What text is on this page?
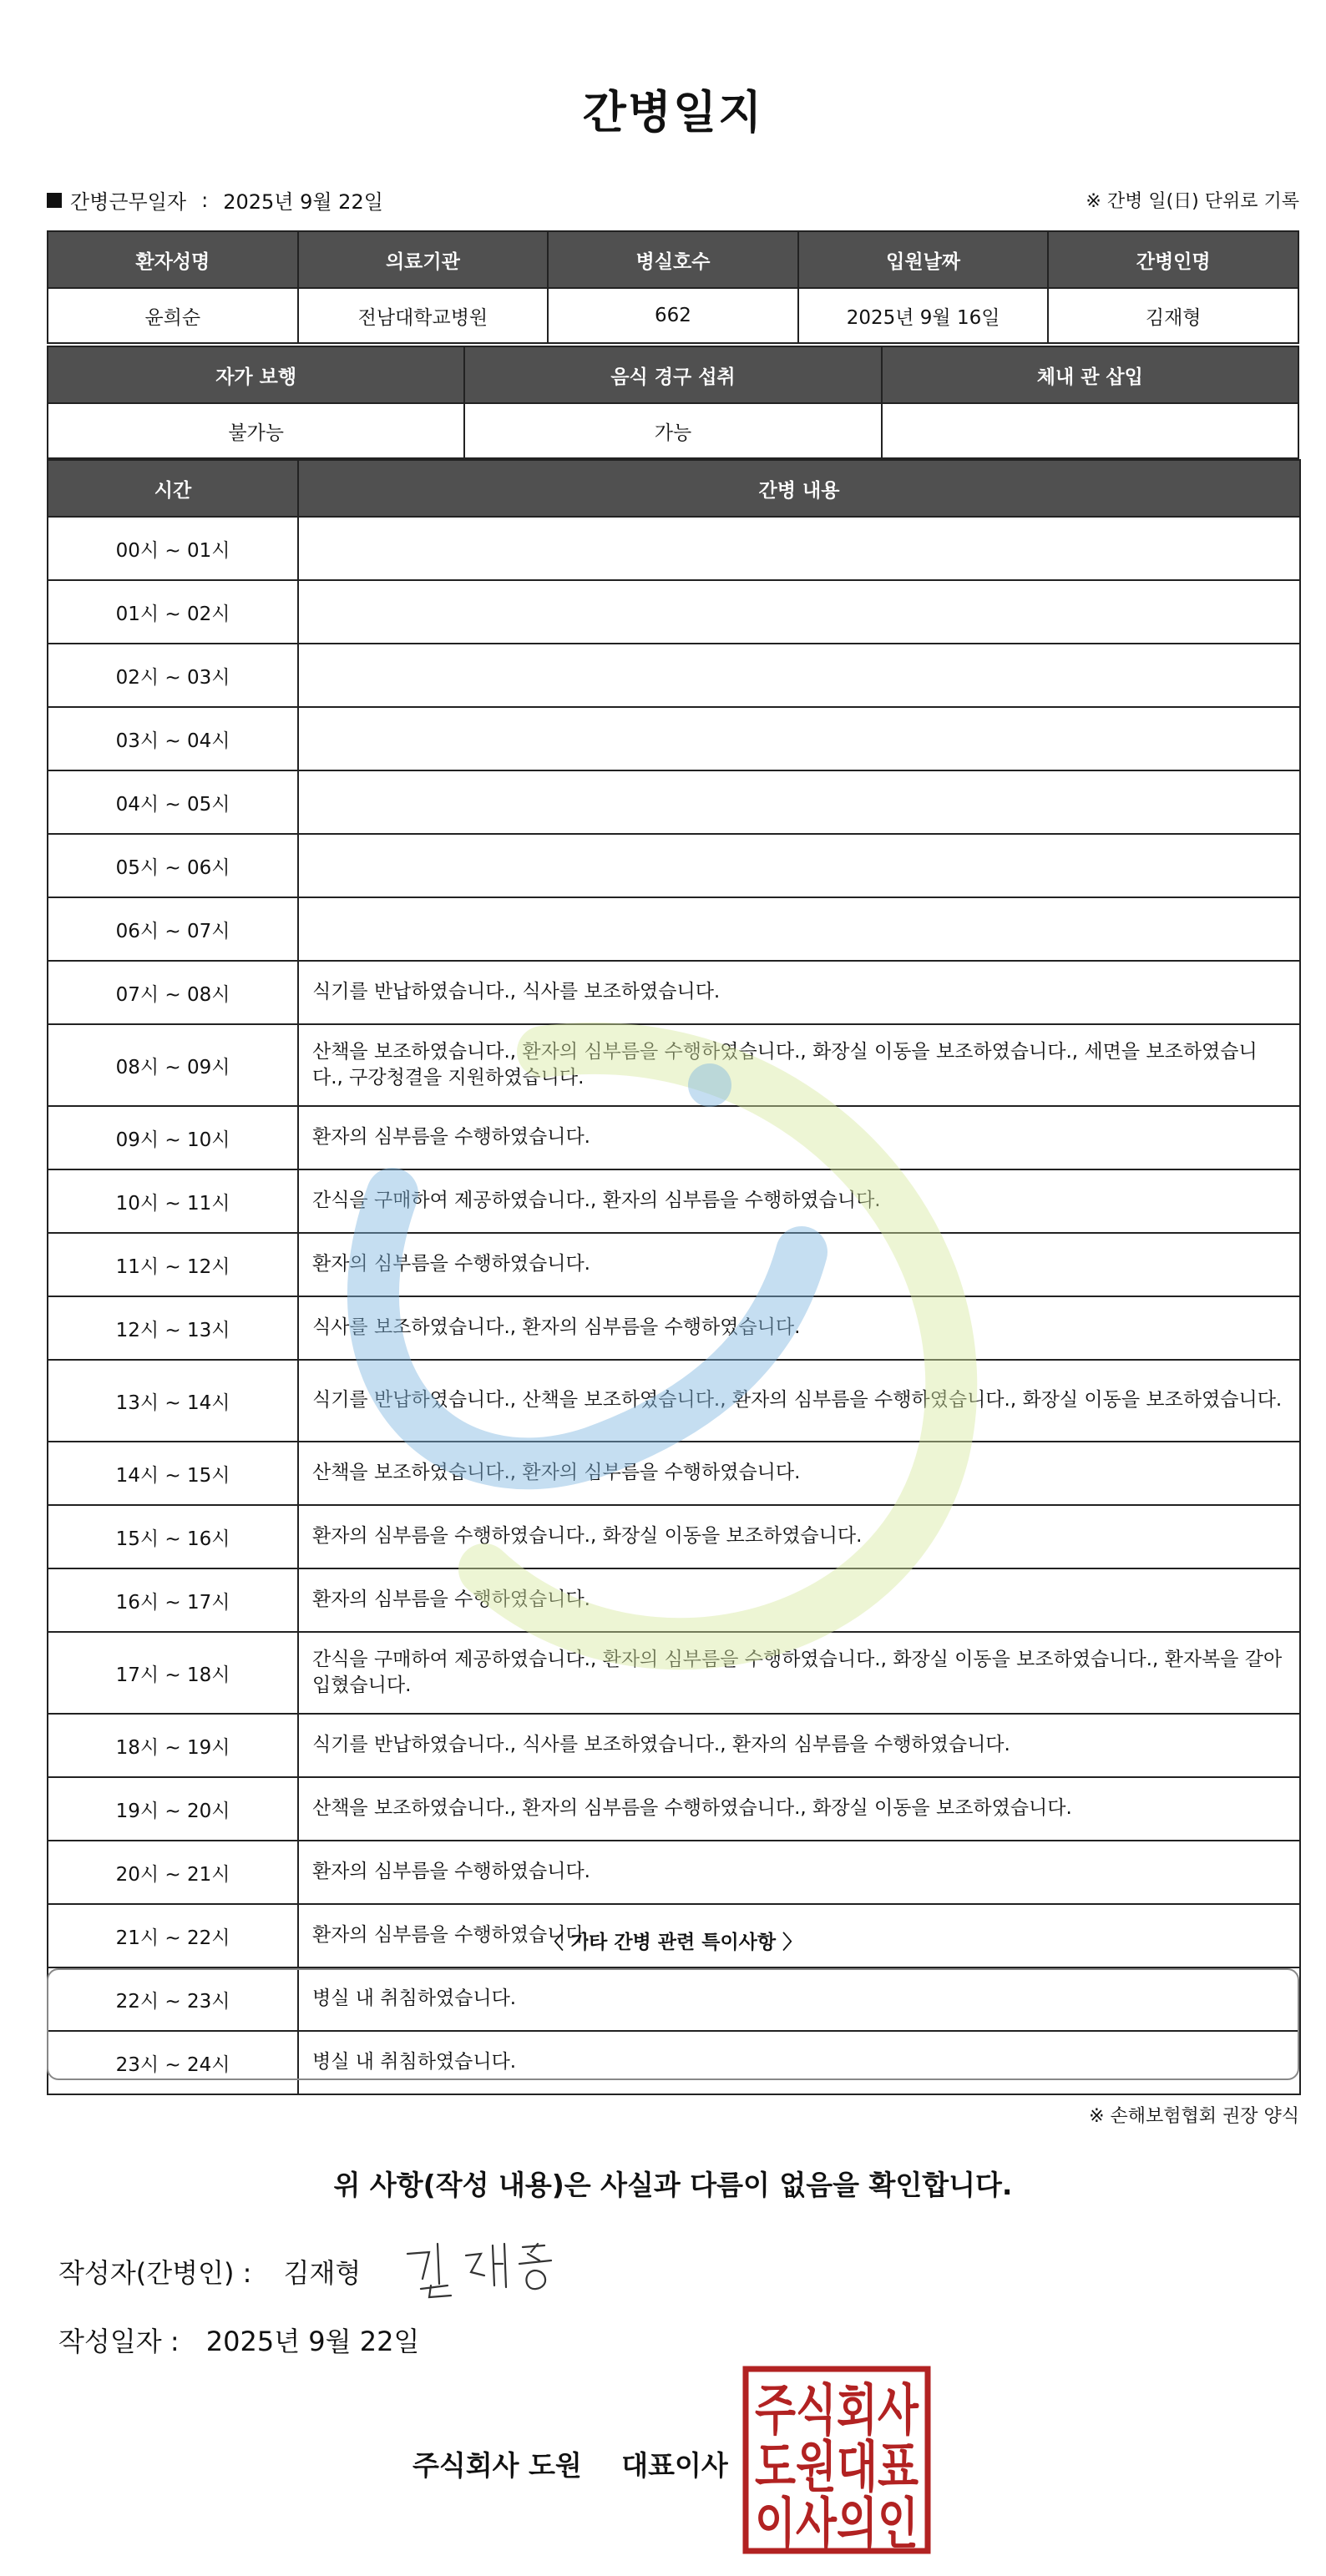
간병일지
간병근무일자 : 2025년 9월 22일	※ 간병 일(日) 단위로 기록
환자성명	의료기관	병실호수	입원날짜	간병인명
윤희순	전남대학교병원	662	2025년 9월 16일	김재형
자가 보행	음식 경구 섭취	체내 관 삽입
불가능	가능	
시간	간병 내용
00시 ~ 01시	
01시 ~ 02시	
02시 ~ 03시	
03시 ~ 04시	
04시 ~ 05시	
05시 ~ 06시	
06시 ~ 07시	
07시 ~ 08시	식기를 반납하였습니다., 식사를 보조하였습니다.
08시 ~ 09시	산책을 보조하였습니다., 환자의 심부름을 수행하였습니다., 화장실 이동을 보조하였습니다., 세면을 보조하였습니다., 구강청결을 지원하였습니다.
09시 ~ 10시	환자의 심부름을 수행하였습니다.
10시 ~ 11시	간식을 구매하여 제공하였습니다., 환자의 심부름을 수행하였습니다.
11시 ~ 12시	환자의 심부름을 수행하였습니다.
12시 ~ 13시	식사를 보조하였습니다., 환자의 심부름을 수행하였습니다.
13시 ~ 14시	식기를 반납하였습니다., 산책을 보조하였습니다., 환자의 심부름을 수행하였습니다., 화장실 이동을 보조하였습니다.
14시 ~ 15시	산책을 보조하였습니다., 환자의 심부름을 수행하였습니다.
15시 ~ 16시	환자의 심부름을 수행하였습니다., 화장실 이동을 보조하였습니다.
16시 ~ 17시	환자의 심부름을 수행하였습니다.
17시 ~ 18시	간식을 구매하여 제공하였습니다., 환자의 심부름을 수행하였습니다., 화장실 이동을 보조하였습니다., 환자복을 갈아입혔습니다.
18시 ~ 19시	식기를 반납하였습니다., 식사를 보조하였습니다., 환자의 심부름을 수행하였습니다.
19시 ~ 20시	산책을 보조하였습니다., 환자의 심부름을 수행하였습니다., 화장실 이동을 보조하였습니다.
20시 ~ 21시	환자의 심부름을 수행하였습니다.
21시 ~ 22시	환자의 심부름을 수행하였습니다.
22시 ~ 23시	병실 내 취침하였습니다.
23시 ~ 24시	병실 내 취침하였습니다.
〈 기타 간병 관련 특이사항 〉
※ 손해보험협회 권장 양식
위 사항(작성 내용)은 사실과 다름이 없음을 확인합니다.
작성자(간병인) : 김재형
작성일자 : 2025년 9월 22일
주식회사 도원 대표이사
주식회사
도원대표
이사의인
